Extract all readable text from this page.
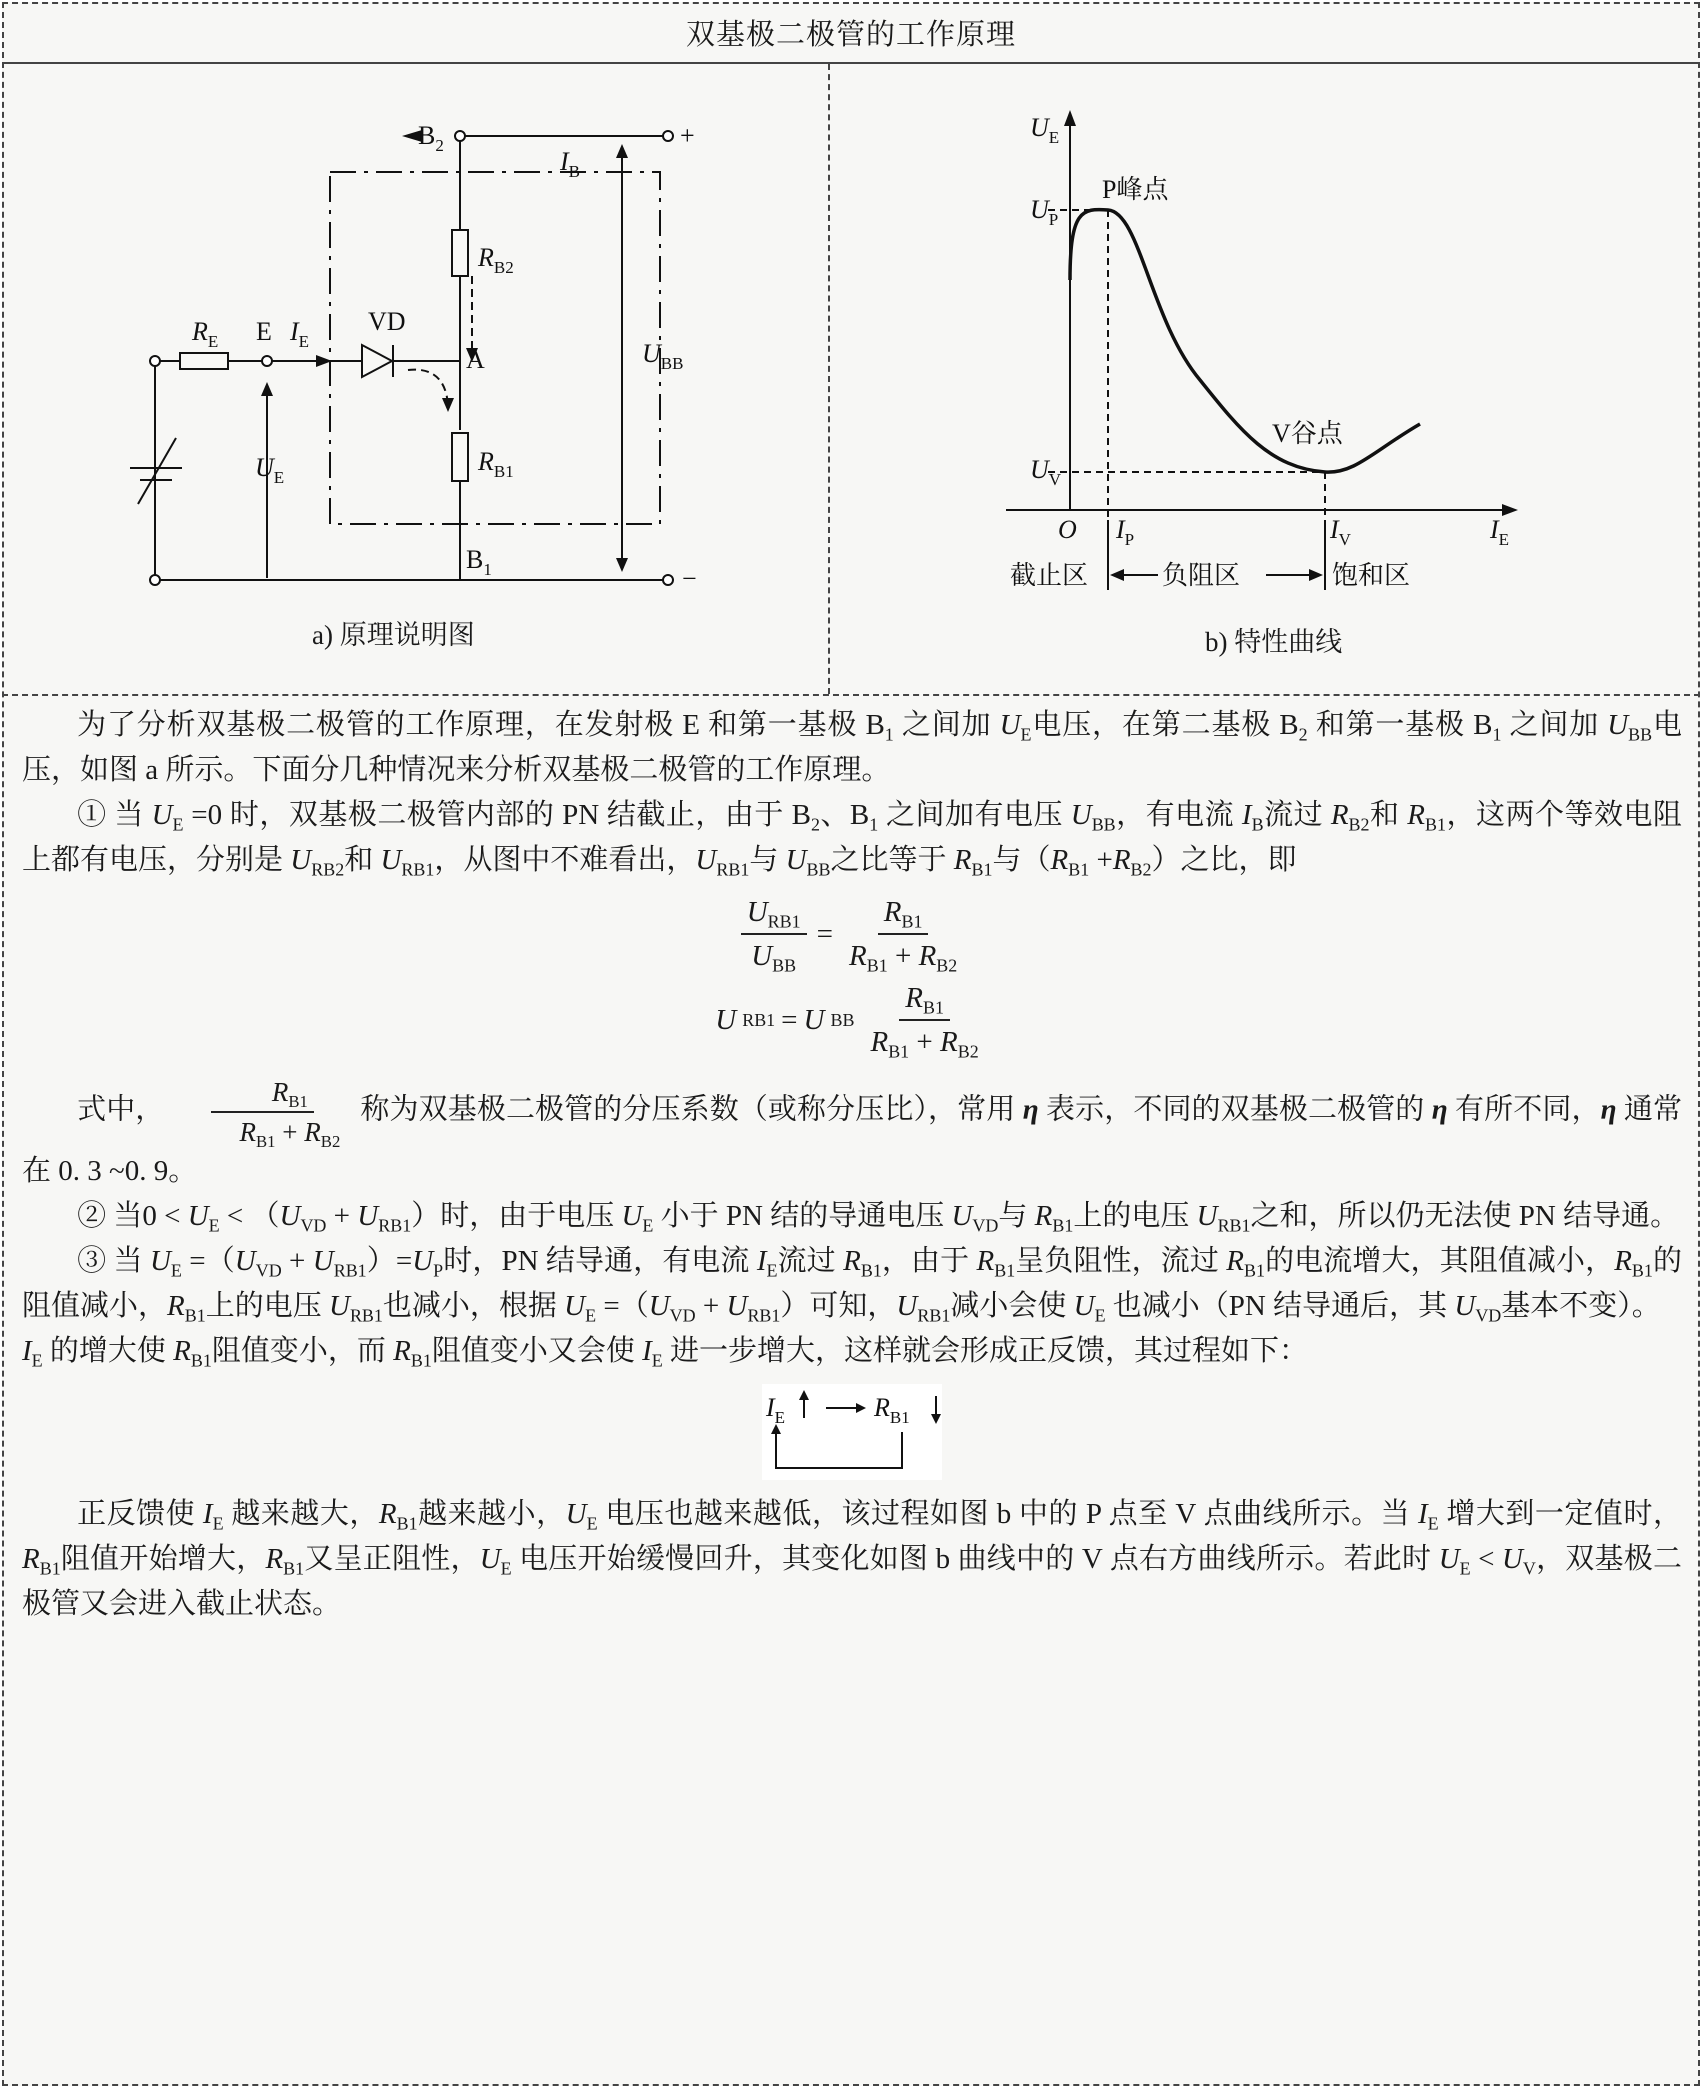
双基极二极管的工作原理
$B_2$
$I_B$
+
$R_{B2}$
$R_E$ E $I_E$
VD
A	$U_{BB}$
$R_{B1}$
$U_E$
$B_1$	−
a) 原理说明图
$U_E$
P峰点
$U_P$
V谷点
$U_V$
O $I_P$	$I_V$	$I_E$
截止区	负阻区	饱和区
b) 特性曲线

为了分析双基极二极管的工作原理，在发射极 E 和第一基极 $B_1$ 之间加 $U_E$电压，在第二基极 $B_2$ 和第一基极 $B_1$ 之间加 $U_{BB}$电压，如图 a 所示。下面分几种情况来分析双基极二极管的工作原理。

① 当 $U_E =0$ 时，双基极二极管内部的 PN 结截止，由于 $B_2$、$B_1$ 之间加有电压 $U_{BB}$，有电流 $I_B$流过 $R_{B2}$和 $R_{B1}$，这两个等效电阻上都有电压，分别是 $U_{RB2}$和 $U_{RB1}$，从图中不难看出，$U_{RB1}$与 $U_{BB}$之比等于 $R_{B1}$与$(R_{B1} +R_{B2})$之比，即

$\frac{U_{RB1}}{U_{BB}} = \frac{R_{B1}}{R_{B1} + R_{B2}}$
U RB1 = U BB $\frac{R_{B1}}{R_{B1} + R_{B2}}$

式中， $\frac{R_{B1}}{R_{B1} + R_{B2}}$ 称为双基极二极管的分压系数（或称分压比），常用 η 表示，不同的双基极二极管的 η 有所不同，η 通常在 0. 3 ~0. 9。

② 当$0 < U_E < (U_{VD} + U_{RB1})$时，由于电压 $U_E$ 小于 PN 结的导通电压 $U_{VD}$与 $R_{B1}$上的电压 $U_{RB1}$之和，所以仍无法使 PN 结导通。

③ 当 $U_E =(U_{VD} + U_{RB1})=U_P$时，PN 结导通，有电流 $I_E$流过 $R_{B1}$，由于 $R_{B1}$呈负阻性，流过 $R_{B1}$的电流增大，其阻值减小，$R_{B1}$的阻值减小，$R_{B1}$上的电压 $U_{RB1}$也减小，根据 $U_E =(U_{VD} + U_{RB1})$可知，$U_{RB1}$减小会使 $U_E$ 也减小（PN 结导通后，其 $U_{VD}$基本不变）。

$I_E$ 的增大使 $R_{B1}$阻值变小，而 $R_{B1}$阻值变小又会使 $I_E$ 进一步增大，这样就会形成正反馈，其过程如下：

$I_E$	$R_{B1}$

正反馈使 $I_E$ 越来越大，$R_{B1}$越来越小，$U_E$ 电压也越来越低，该过程如图 b 中的 P 点至 V 点曲线所示。当 $I_E$ 增大到一定值时，$R_{B1}$阻值开始增大，$R_{B1}$又呈正阻性，$U_E$ 电压开始缓慢回升，其变化如图 b 曲线中的 V 点右方曲线所示。若此时 $U_E < U_V$，双基极二极管又会进入截止状态。
